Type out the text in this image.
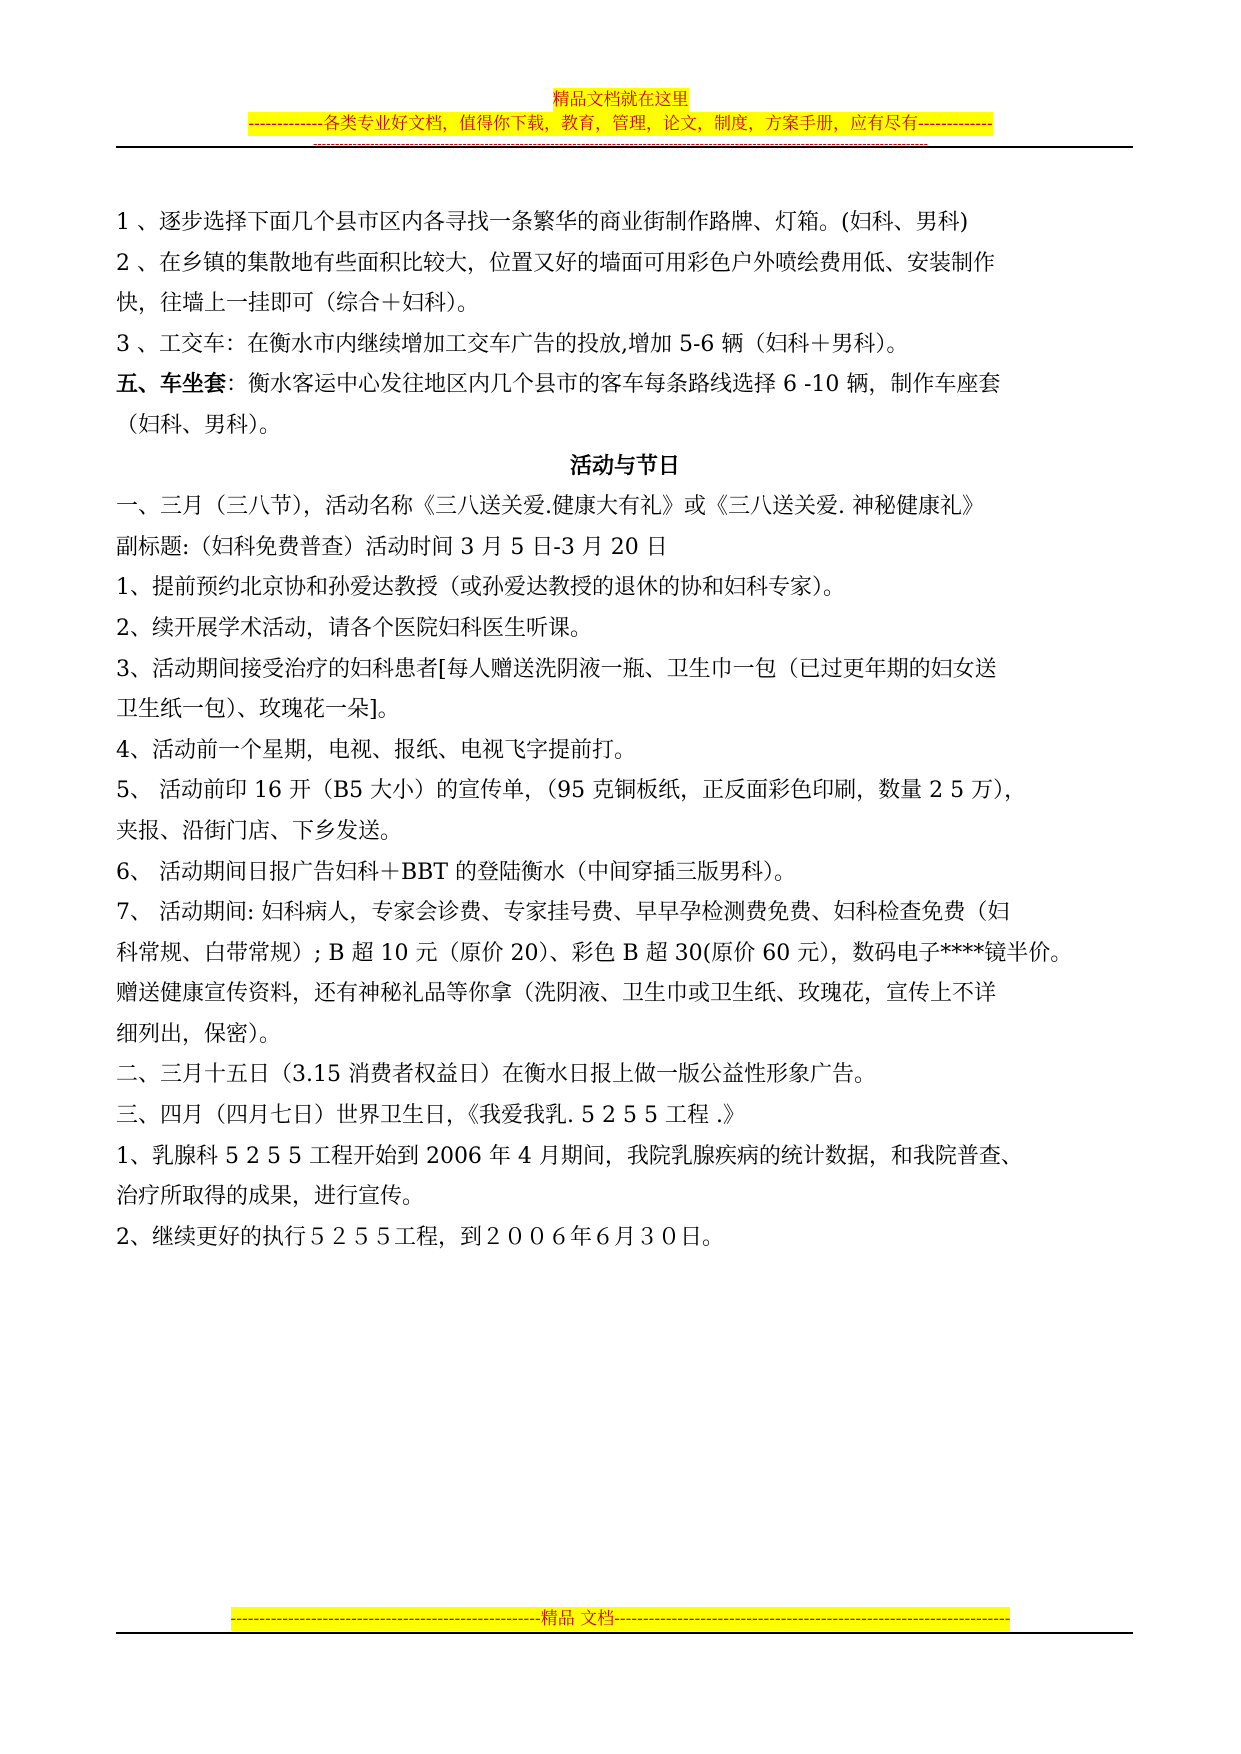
精品文档就在这里
-------------各类专业好文档，值得你下载，教育，管理，论文，制度，方案手册，应有尽有-------------
--------------------------------------------------------------------------------------------------------------------------------------------

1 、逐步选择下面几个县市区内各寻找一条繁华的商业街制作路牌、灯箱。(妇科、男科)

2 、在乡镇的集散地有些面积比较大，位置又好的墙面可用彩色户外喷绘费用低、安装制作

快，往墙上一挂即可（综合＋妇科）。

3 、工交车：在衡水市内继续增加工交车广告的投放,增加 5-6 辆（妇科＋男科）。

五、车坐套：衡水客运中心发往地区内几个县市的客车每条路线选择 6 -10 辆，制作车座套

（妇科、男科）。

活动与节日

一、三月（三八节），活动名称《三八送关爱.健康大有礼》或《三八送关爱. 神秘健康礼》

副标题:（妇科免费普查）活动时间 3 月 5 日-3 月 20 日

1、提前预约北京协和孙爱达教授（或孙爱达教授的退休的协和妇科专家）。

2、续开展学术活动，请各个医院妇科医生听课。

3、活动期间接受治疗的妇科患者[每人赠送洗阴液一瓶、卫生巾一包（已过更年期的妇女送

卫生纸一包）、玫瑰花一朵]。

4、活动前一个星期，电视、报纸、电视飞字提前打。

5、 活动前印 16 开（B5 大小）的宣传单，（95 克铜板纸，正反面彩色印刷，数量 2 5 万），

夹报、沿街门店、下乡发送。

6、 活动期间日报广告妇科＋BBT 的登陆衡水（中间穿插三版男科）。

7、 活动期间: 妇科病人，专家会诊费、专家挂号费、早早孕检测费免费、妇科检查免费（妇

科常规、白带常规）; B 超 10 元（原价 20）、彩色 B 超 30(原价 60 元），数码电子****镜半价。

赠送健康宣传资料，还有神秘礼品等你拿（洗阴液、卫生巾或卫生纸、玫瑰花，宣传上不详

细列出，保密）。

二、三月十五日（3.15 消费者权益日）在衡水日报上做一版公益性形象广告。

三、四月（四月七日）世界卫生日，《我爱我乳. 5 2 5 5 工程 .》

1、乳腺科 5 2 5 5 工程开始到 2006 年 4 月期间，我院乳腺疾病的统计数据，和我院普查、

治疗所取得的成果，进行宣传。

2、继续更好的执行５２５５工程，到２００６年６月３０日。

------------------------------------------------------精品 文档---------------------------------------------------------------------
